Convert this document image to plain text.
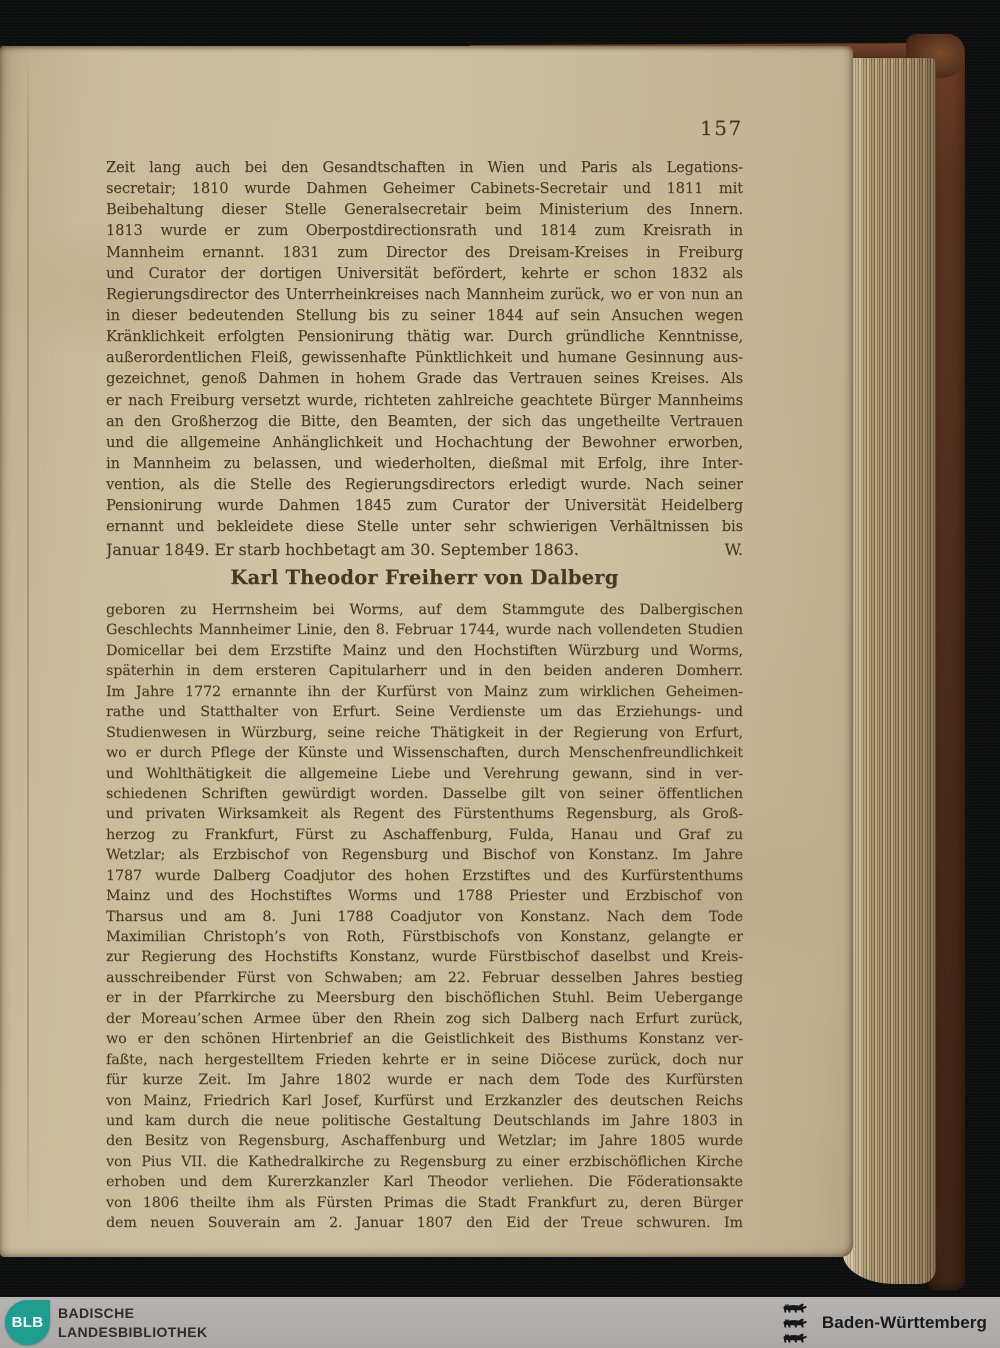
157
Zeit lang auch bei den Gesandtschaften in Wien und Paris als Legations-
secretair; 1810 wurde Dahmen Geheimer Cabinets-Secretair und 1811 mit
Beibehaltung dieser Stelle Generalsecretair beim Ministerium des Innern.
1813 wurde er zum Oberpostdirectionsrath und 1814 zum Kreisrath in
Mannheim ernannt. 1831 zum Director des Dreisam-Kreises in Freiburg
und Curator der dortigen Universität befördert, kehrte er schon 1832 als
Regierungsdirector des Unterrheinkreises nach Mannheim zurück, wo er von nun an
in dieser bedeutenden Stellung bis zu seiner 1844 auf sein Ansuchen wegen
Kränklichkeit erfolgten Pensionirung thätig war. Durch gründliche Kenntnisse,
außerordentlichen Fleiß, gewissenhafte Pünktlichkeit und humane Gesinnung aus-
gezeichnet, genoß Dahmen in hohem Grade das Vertrauen seines Kreises. Als
er nach Freiburg versetzt wurde, richteten zahlreiche geachtete Bürger Mannheims
an den Großherzog die Bitte, den Beamten, der sich das ungetheilte Vertrauen
und die allgemeine Anhänglichkeit und Hochachtung der Bewohner erworben,
in Mannheim zu belassen, und wiederholten, dießmal mit Erfolg, ihre Inter-
vention, als die Stelle des Regierungsdirectors erledigt wurde. Nach seiner
Pensionirung wurde Dahmen 1845 zum Curator der Universität Heidelberg
ernannt und bekleidete diese Stelle unter sehr schwierigen Verhältnissen bis
Januar 1849. Er starb hochbetagt am 30. September 1863.	W.
Karl Theodor Freiherr von Dalberg
geboren zu Herrnsheim bei Worms, auf dem Stammgute des Dalbergischen
Geschlechts Mannheimer Linie, den 8. Februar 1744, wurde nach vollendeten Studien
Domicellar bei dem Erzstifte Mainz und den Hochstiften Würzburg und Worms,
späterhin in dem ersteren Capitularherr und in den beiden anderen Domherr.
Im Jahre 1772 ernannte ihn der Kurfürst von Mainz zum wirklichen Geheimen-
rathe und Statthalter von Erfurt. Seine Verdienste um das Erziehungs- und
Studienwesen in Würzburg, seine reiche Thätigkeit in der Regierung von Erfurt,
wo er durch Pflege der Künste und Wissenschaften, durch Menschenfreundlichkeit
und Wohlthätigkeit die allgemeine Liebe und Verehrung gewann, sind in ver-
schiedenen Schriften gewürdigt worden. Dasselbe gilt von seiner öffentlichen
und privaten Wirksamkeit als Regent des Fürstenthums Regensburg, als Groß-
herzog zu Frankfurt, Fürst zu Aschaffenburg, Fulda, Hanau und Graf zu
Wetzlar; als Erzbischof von Regensburg und Bischof von Konstanz. Im Jahre
1787 wurde Dalberg Coadjutor des hohen Erzstiftes und des Kurfürstenthums
Mainz und des Hochstiftes Worms und 1788 Priester und Erzbischof von
Tharsus und am 8. Juni 1788 Coadjutor von Konstanz. Nach dem Tode
Maximilian Christoph’s von Roth, Fürstbischofs von Konstanz, gelangte er
zur Regierung des Hochstifts Konstanz, wurde Fürstbischof daselbst und Kreis-
ausschreibender Fürst von Schwaben; am 22. Februar desselben Jahres bestieg
er in der Pfarrkirche zu Meersburg den bischöflichen Stuhl. Beim Uebergange
der Moreau’schen Armee über den Rhein zog sich Dalberg nach Erfurt zurück,
wo er den schönen Hirtenbrief an die Geistlichkeit des Bisthums Konstanz ver-
faßte, nach hergestelltem Frieden kehrte er in seine Diöcese zurück, doch nur
für kurze Zeit. Im Jahre 1802 wurde er nach dem Tode des Kurfürsten
von Mainz, Friedrich Karl Josef, Kurfürst und Erzkanzler des deutschen Reichs
und kam durch die neue politische Gestaltung Deutschlands im Jahre 1803 in
den Besitz von Regensburg, Aschaffenburg und Wetzlar; im Jahre 1805 wurde
von Pius VII. die Kathedralkirche zu Regensburg zu einer erzbischöflichen Kirche
erhoben und dem Kurerzkanzler Karl Theodor verliehen. Die Föderationsakte
von 1806 theilte ihm als Fürsten Primas die Stadt Frankfurt zu, deren Bürger
dem neuen Souverain am 2. Januar 1807 den Eid der Treue schwuren. Im
BLB
BADISCHE
LANDESBIBLIOTHEK	Baden-Württemberg
